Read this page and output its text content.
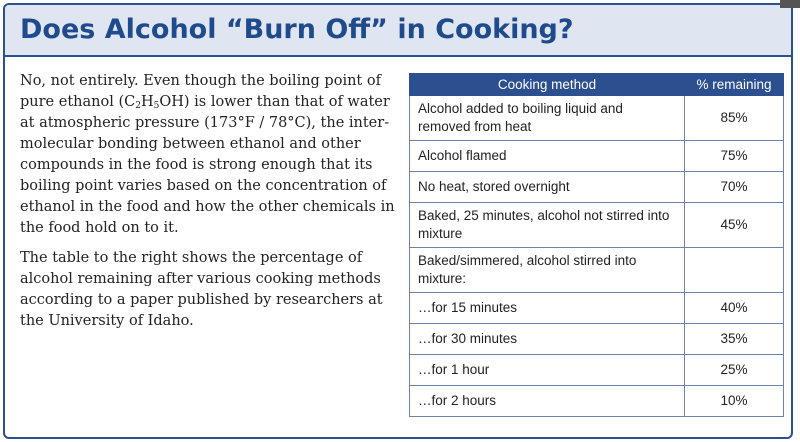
Does Alcohol “Burn Off” in Cooking?

No, not entirely. Even though the boiling point of pure ethanol $(C_2H_5OH)$ is lower than that of water at atmospheric pressure (173°F / 78°C), the inter-molecular bonding between ethanol and other compounds in the food is strong enough that its boiling point varies based on the concentration of ethanol in the food and how the other chemicals in the food hold on to it.

The table to the right shows the percentage of alcohol remaining after various cooking methods according to a paper published by researchers at the University of Idaho.

Cooking method	% remaining
Alcohol added to boiling liquid and removed from heat	85%
Alcohol flamed	75%
No heat, stored overnight	70%
Baked, 25 minutes, alcohol not stirred into mixture	45%
Baked/simmered, alcohol stirred into mixture:	
…for 15 minutes	40%
…for 30 minutes	35%
…for 1 hour	25%
…for 2 hours	10%
